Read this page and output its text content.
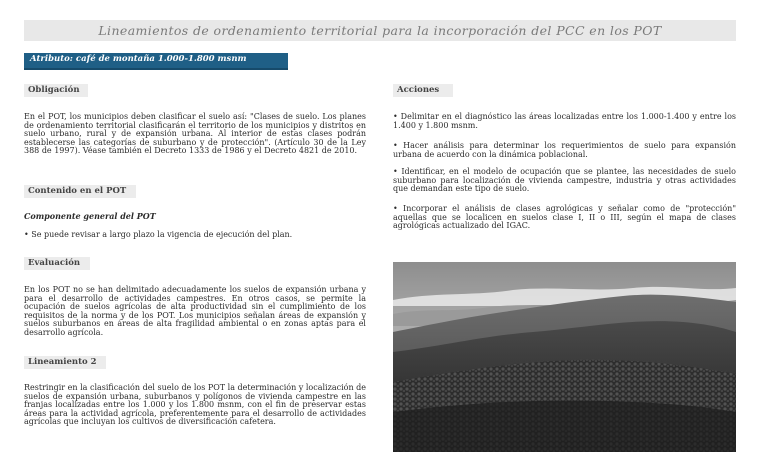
Lineamientos de ordenamiento territorial para la incorporación del PCC en los POT
Atributo: café de montaña 1.000-1.800 msnm
Obligación

En el POT, los municipios deben clasificar el suelo así: "Clases de suelo. Los planes de ordenamiento territorial clasificarán el territorio de los municipios y distritos en suelo urbano, rural y de expansión urbana. Al interior de estas clases podrán establecerse las categorías de suburbano y de protección". (Artículo 30 de la Ley 388 de 1997). Véase también el Decreto 1333 de 1986 y el Decreto 4821 de 2010.

Contenido en el POT

Componente general del POT

• Se puede revisar a largo plazo la vigencia de ejecución del plan.

Evaluación

En los POT no se han delimitado adecuadamente los suelos de expansión urbana y para el desarrollo de actividades campestres. En otros casos, se permite la ocupación de suelos agrícolas de alta productividad sin el cumplimiento de los requisitos de la norma y de los POT. Los municipios señalan áreas de expansión y suelos suburbanos en áreas de alta fragilidad ambiental o en zonas aptas para el desarrollo agrícola.

Lineamiento 2

Restringir en la clasificación del suelo de los POT la determinación y localización de suelos de expansión urbana, suburbanos y polígonos de vivienda campestre en las franjas localizadas entre los 1.000 y los 1.800 msnm, con el fin de preservar estas áreas para la actividad agrícola, preferentemente para el desarrollo de actividades agrícolas que incluyan los cultivos de diversificación cafetera.

Acciones

• Delimitar en el diagnóstico las áreas localizadas entre los 1.000-1.400 y entre los 1.400 y 1.800 msnm.

• Hacer análisis para determinar los requerimientos de suelo para expansión urbana de acuerdo con la dinámica poblacional.

• Identificar, en el modelo de ocupación que se plantee, las necesidades de suelo suburbano para localización de vivienda campestre, industria y otras actividades que demandan este tipo de suelo.

• Incorporar el análisis de clases agrológicas y señalar como de "protección" aquellas que se localicen en suelos clase I, II o III, según el mapa de clases agrológicas actualizado del IGAC.
